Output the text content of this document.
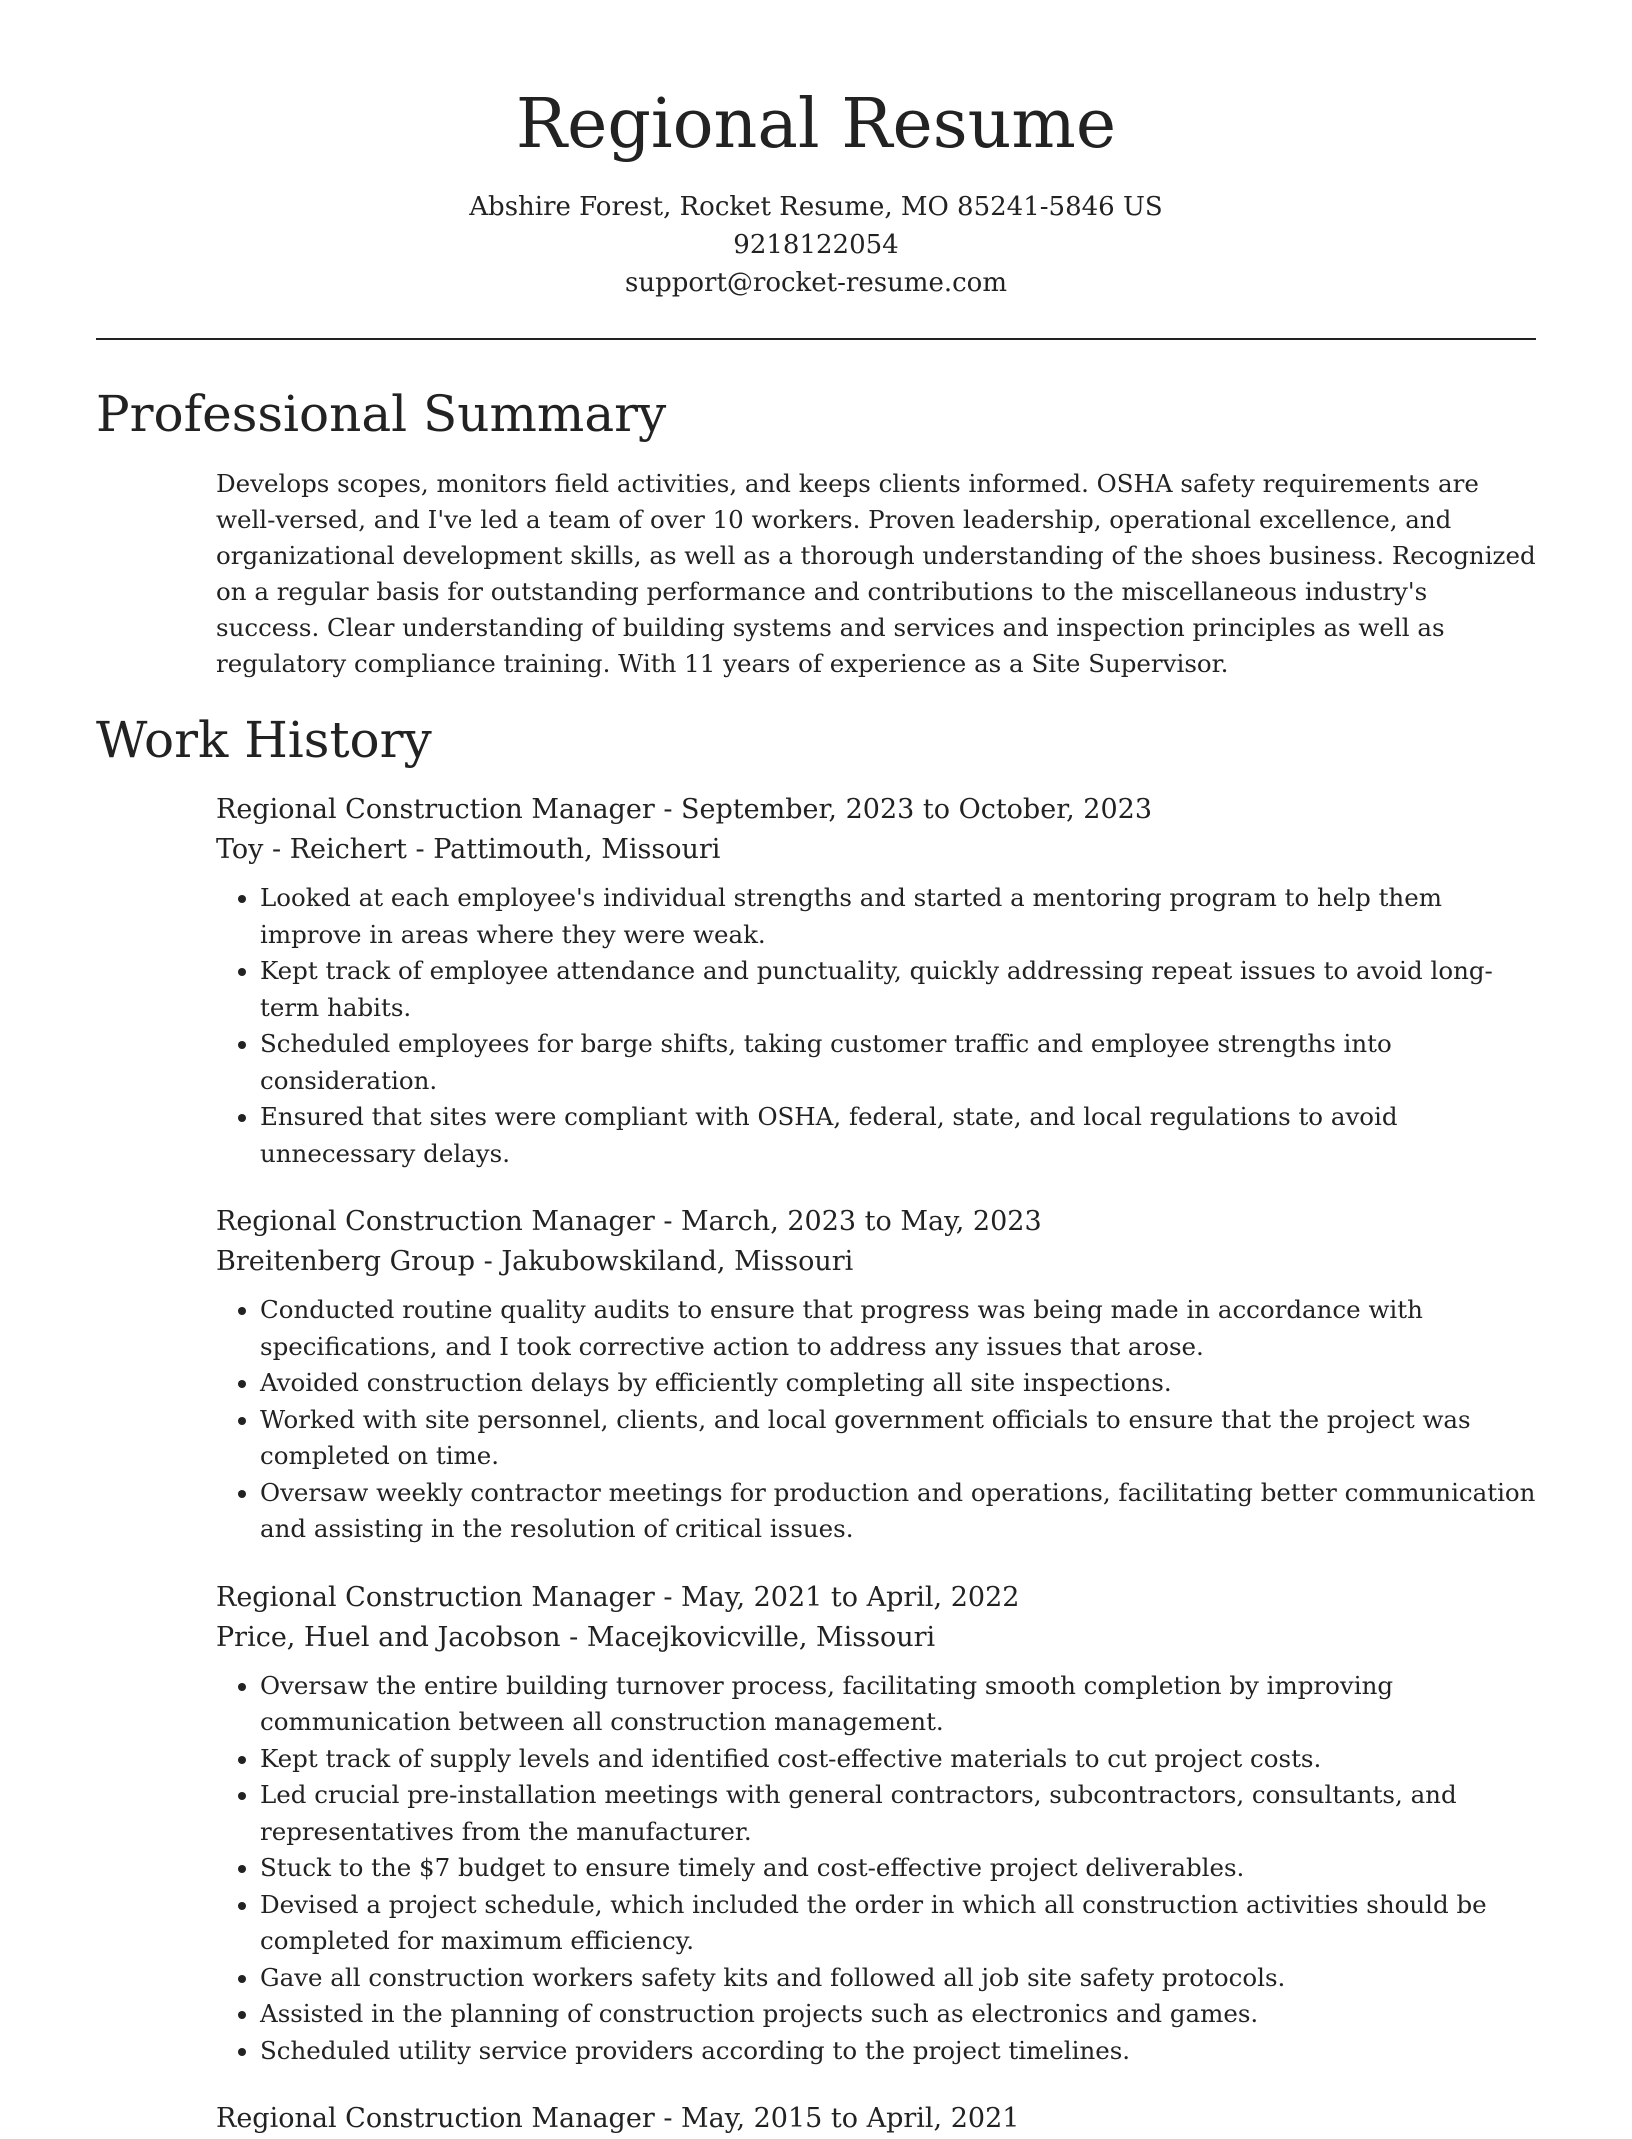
Regional Resume
Abshire Forest, Rocket Resume, MO 85241-5846 US
9218122054
support@rocket-resume.com
Professional Summary

Develops scopes, monitors field activities, and keeps clients informed. OSHA safety requirements are well-versed, and I've led a team of over 10 workers. Proven leadership, operational excellence, and organizational development skills, as well as a thorough understanding of the shoes business. Recognized on a regular basis for outstanding performance and contributions to the miscellaneous industry's success. Clear understanding of building systems and services and inspection principles as well as regulatory compliance training. With 11 years of experience as a Site Supervisor.

Work History
Regional Construction Manager - September, 2023 to October, 2023
Toy - Reichert - Pattimouth, Missouri
• Looked at each employee's individual strengths and started a mentoring program to help them improve in areas where they were weak.
• Kept track of employee attendance and punctuality, quickly addressing repeat issues to avoid long-term habits.
• Scheduled employees for barge shifts, taking customer traffic and employee strengths into consideration.
• Ensured that sites were compliant with OSHA, federal, state, and local regulations to avoid unnecessary delays.
Regional Construction Manager - March, 2023 to May, 2023
Breitenberg Group - Jakubowskiland, Missouri
• Conducted routine quality audits to ensure that progress was being made in accordance with specifications, and I took corrective action to address any issues that arose.
• Avoided construction delays by efficiently completing all site inspections.
• Worked with site personnel, clients, and local government officials to ensure that the project was completed on time.
• Oversaw weekly contractor meetings for production and operations, facilitating better communication and assisting in the resolution of critical issues.
Regional Construction Manager - May, 2021 to April, 2022
Price, Huel and Jacobson - Macejkovicville, Missouri
• Oversaw the entire building turnover process, facilitating smooth completion by improving communication between all construction management.
• Kept track of supply levels and identified cost-effective materials to cut project costs.
• Led crucial pre-installation meetings with general contractors, subcontractors, consultants, and representatives from the manufacturer.
• Stuck to the $7 budget to ensure timely and cost-effective project deliverables.
• Devised a project schedule, which included the order in which all construction activities should be completed for maximum efficiency.
• Gave all construction workers safety kits and followed all job site safety protocols.
• Assisted in the planning of construction projects such as electronics and games.
• Scheduled utility service providers according to the project timelines.
Regional Construction Manager - May, 2015 to April, 2021
